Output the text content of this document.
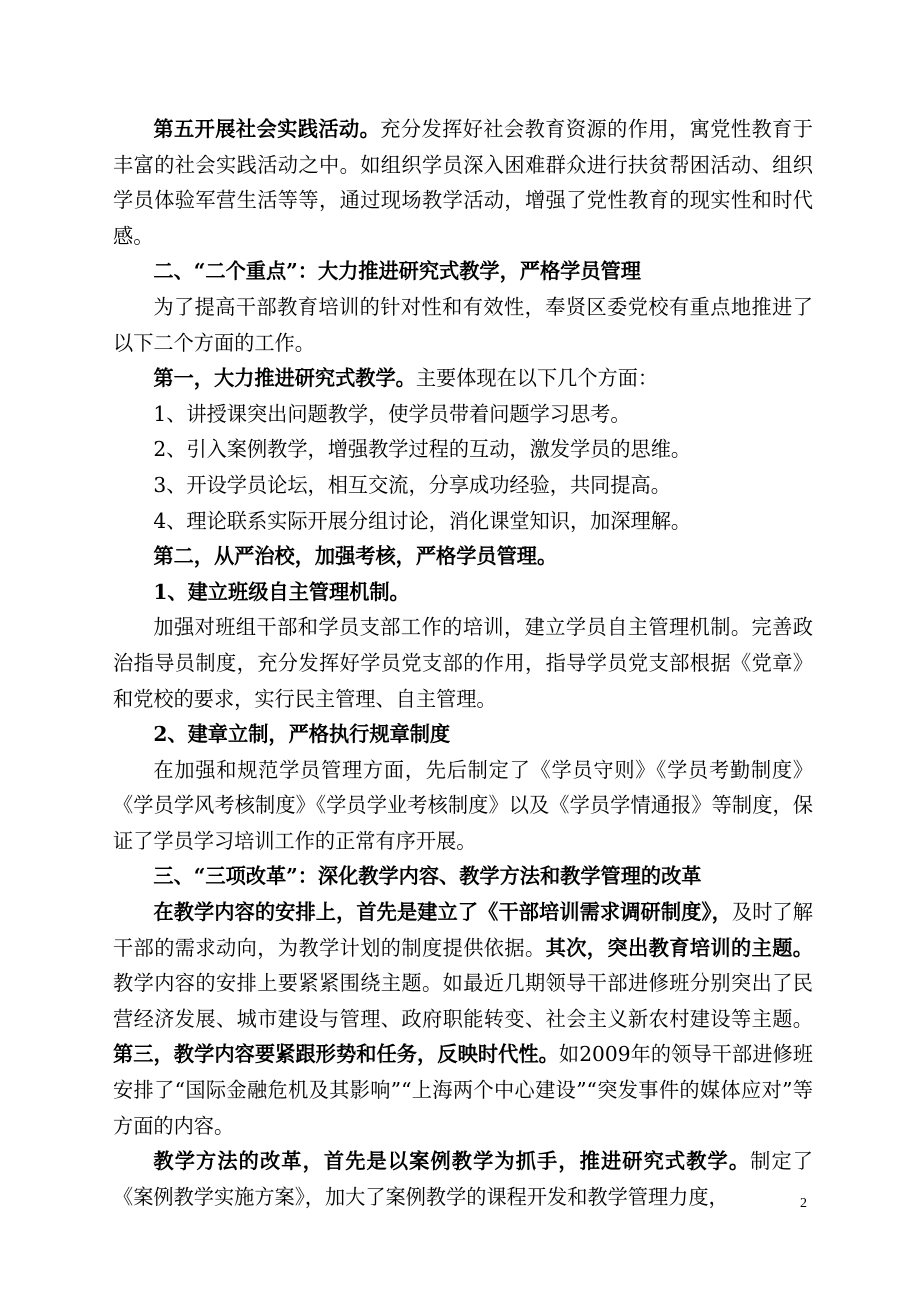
第五开展社会实践活动。充分发挥好社会教育资源的作用，寓党性教育于丰富的社会实践活动之中。如组织学员深入困难群众进行扶贫帮困活动、组织学员体验军营生活等等，通过现场教学活动，增强了党性教育的现实性和时代感。

二、“二个重点”：大力推进研究式教学，严格学员管理

为了提高干部教育培训的针对性和有效性，奉贤区委党校有重点地推进了以下二个方面的工作。

第一，大力推进研究式教学。主要体现在以下几个方面：

1、讲授课突出问题教学，使学员带着问题学习思考。

2、引入案例教学，增强教学过程的互动，激发学员的思维。

3、开设学员论坛，相互交流，分享成功经验，共同提高。

4、理论联系实际开展分组讨论，消化课堂知识，加深理解。

第二，从严治校，加强考核，严格学员管理。

1、建立班级自主管理机制。

加强对班组干部和学员支部工作的培训，建立学员自主管理机制。完善政治指导员制度，充分发挥好学员党支部的作用，指导学员党支部根据《党章》和党校的要求，实行民主管理、自主管理。

2、建章立制，严格执行规章制度

在加强和规范学员管理方面，先后制定了《学员守则》《学员考勤制度》《学员学风考核制度》《学员学业考核制度》以及《学员学情通报》等制度，保证了学员学习培训工作的正常有序开展。

三、“三项改革”：深化教学内容、教学方法和教学管理的改革

在教学内容的安排上，首先是建立了《干部培训需求调研制度》，及时了解干部的需求动向，为教学计划的制度提供依据。其次，突出教育培训的主题。教学内容的安排上要紧紧围绕主题。如最近几期领导干部进修班分别突出了民营经济发展、城市建设与管理、政府职能转变、社会主义新农村建设等主题。第三，教学内容要紧跟形势和任务，反映时代性。如2009年的领导干部进修班安排了“国际金融危机及其影响”“上海两个中心建设”“突发事件的媒体应对”等方面的内容。

教学方法的改革，首先是以案例教学为抓手，推进研究式教学。制定了《案例教学实施方案》，加大了案例教学的课程开发和教学管理力度，	2
